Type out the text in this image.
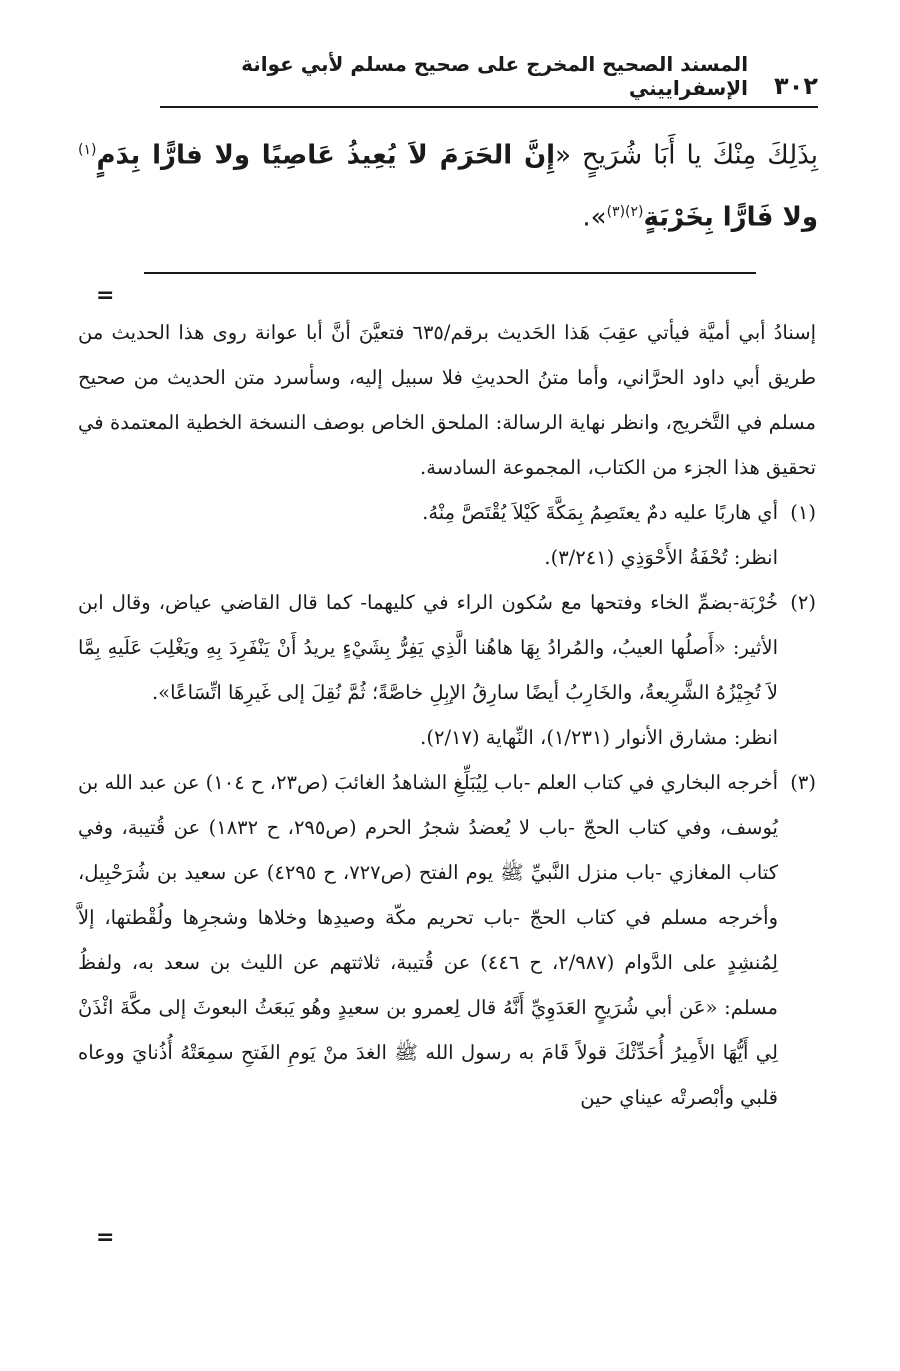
٣٠٢
المسند الصحيح المخرج على صحيح مسلم لأبي عوانة الإسفراييني
بِذَلِكَ مِنْكَ يا أَبَا شُرَيحٍ «إِنَّ الحَرَمَ لاَ يُعِيذُ عَاصِيًا ولا فارًّا بِدَمٍ$^{(١)}$ ولا فَارًّا بِخَرْبَةٍ$^{(٢)(٣)}$».
=

إسنادُ أبي أميَّة فيأتي عقِبَ هَذا الحَديث برقم/٦٣٥ فتعيَّنَ أنَّ أبا عوانة روى هذا الحديث من طريق أبي داود الحرَّاني، وأما متنُ الحديثِ فلا سبيل إليه، وسأسرد متن الحديث من صحيح مسلم في التَّخريج، وانظر نهاية الرسالة: الملحق الخاص بوصف النسخة الخطية المعتمدة في تحقيق هذا الجزء من الكتاب، المجموعة السادسة.

(١)

أي هاربًا عليه دمٌ يعتَصِمُ بِمَكَّةَ كَيْلاَ يُقْتَصَّ مِنْهُ.

انظر: تُحْفَةُ الأَحْوَذِي (٣/٢٤١).

(٢)

خُرْبَة-بضمِّ الخاء وفتحها مع سُكون الراء في كليهما- كما قال القاضي عياض، وقال ابن الأثير: «أَصلُها العيبُ، والمُرادُ بِهَا هاهُنا الَّذِي يَفِرُّ بِشَيْءٍ يريدُ أَنْ يَنْفَرِدَ بِهِ ويَغْلِبَ عَلَيهِ بِمَّا لاَ تُجِيْزُهُ الشَّرِيعةُ، والخَارِبُ أيضًا سارِقُ الإبِلِ خاصَّةً؛ ثُمَّ نُقِلَ إلى غَيرِهَا اتِّسَاعًا».

انظر: مشارق الأنوار (١/٢٣١)، النِّهاية (٢/١٧).

(٣)

أخرجه البخاري في كتاب العلم -باب لِيُبَلِّغِ الشاهدُ الغائبَ (ص٢٣، ح ١٠٤) عن عبد الله بن يُوسف، وفي كتاب الحجّ -باب لا يُعضدُ شجرُ الحرم (ص٢٩٥، ح ١٨٣٢) عن قُتيبة، وفي كتاب المغازي -باب منزل النَّبيِّ ﷺ يوم الفتح (ص٧٢٧، ح ٤٢٩٥) عن سعيد بن شُرَحْبِيل، وأخرجه مسلم في كتاب الحجّ -باب تحريم مكّة وصيدِها وخلاها وشجرِها ولُقْطتها، إلاَّ لِمُنشِدٍ على الدَّوام (٢/٩٨٧، ح ٤٤٦) عن قُتيبة، ثلاثتهم عن الليث بن سعد به، ولفظُ مسلم: «عَن أبي شُرَيحٍ العَدَوِيِّ أَنَّهُ قال لِعمرو بن سعيدٍ وهُو يَبعَثُ البعوثَ إلى مكَّةَ ائْذَنْ لِي أَيُّهَا الأَمِيرُ أُحَدِّثْكَ قولاً قَامَ به رسول الله ﷺ الغدَ منْ يَومِ الفَتحِ سمِعَتْهُ أُذُنايَ ووعاه قلبي وأبْصرتْه عيناي حين

=
